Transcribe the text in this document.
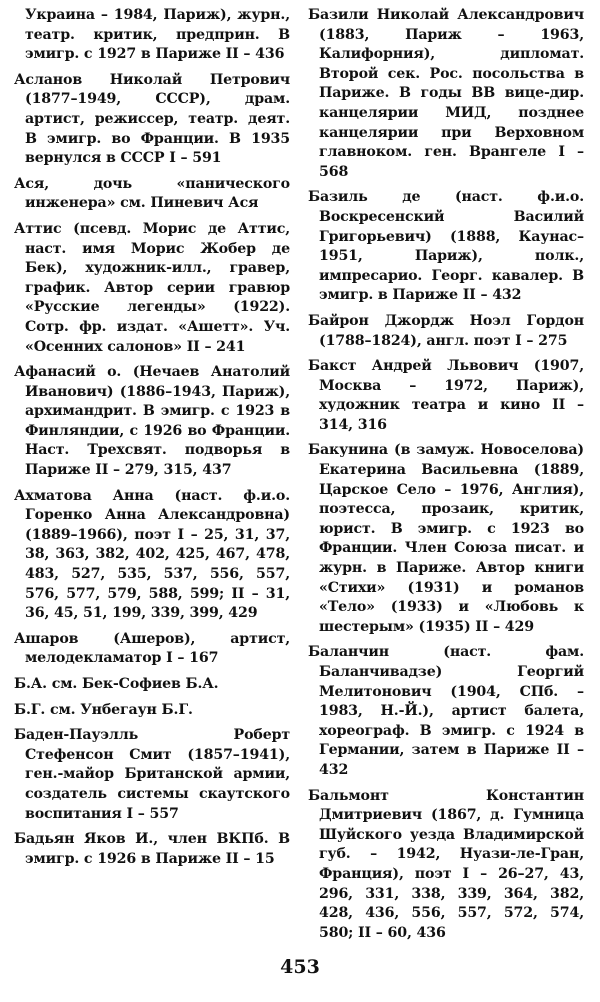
Украина – 1984, Париж), журн., театр. критик, предприн. В эмигр. с 1927 в Париже II – 436

Асланов Николай Петрович (1877–1949, СССР), драм. артист, режиссер, театр. деят. В эмигр. во Франции. В 1935 вернулся в СССР I – 591

Ася, дочь «панического инженера» см. Пиневич Ася

Аттис (псевд. Морис де Аттис, наст. имя Морис Жобер де Бек), художник-илл., гравер, график. Автор серии гравюр «Русские легенды» (1922). Сотр. фр. издат. «Ашетт». Уч. «Осенних салонов» II – 241

Афанасий о. (Нечаев Анатолий Иванович) (1886–1943, Париж), архимандрит. В эмигр. с 1923 в Финляндии, с 1926 во Франции. Наст. Трехсвят. подворья в Париже II – 279, 315, 437

Ахматова Анна (наст. ф.и.о. Горенко Анна Александровна) (1889–1966), поэт I – 25, 31, 37, 38, 363, 382, 402, 425, 467, 478, 483, 527, 535, 537, 556, 557, 576, 577, 579, 588, 599; II – 31, 36, 45, 51, 199, 339, 399, 429

Ашаров (Ашеров), артист, мелодекламатор I – 167

Б.А. см. Бек-Софиев Б.А.

Б.Г. см. Унбегаун Б.Г.

Баден-Пауэлль Роберт Стефенсон Смит (1857–1941), ген.-майор Британской армии, создатель системы скаутского воспитания I – 557

Бадьян Яков И., член ВКПб. В эмигр. с 1926 в Париже II – 15

Базили Николай Александрович (1883, Париж – 1963, Калифорния), дипломат. Второй сек. Рос. посольства в Париже. В годы ВВ вице-дир. канцелярии МИД, позднее канцелярии при Верховном главноком. ген. Врангеле I – 568

Базиль де (наст. ф.и.о. Воскресенский Василий Григорьевич) (1888, Каунас–1951, Париж), полк., импресарио. Георг. кавалер. В эмигр. в Париже II – 432

Байрон Джордж Ноэл Гордон (1788–1824), англ. поэт I – 275

Бакст Андрей Львович (1907, Москва – 1972, Париж), художник театра и кино II – 314, 316

Бакунина (в замуж. Новоселова) Екатерина Васильевна (1889, Царское Село – 1976, Англия), поэтесса, прозаик, критик, юрист. В эмигр. с 1923 во Франции. Член Союза писат. и журн. в Париже. Автор книги «Стихи» (1931) и романов «Тело» (1933) и «Любовь к шестерым» (1935) II – 429

Баланчин (наст. фам. Баланчивадзе) Георгий Мелитонович (1904, СПб. – 1983, Н.-Й.), артист балета, хореограф. В эмигр. с 1924 в Германии, затем в Париже II – 432

Бальмонт Константин Дмитриевич (1867, д. Гумница Шуйского уезда Владимирской губ. – 1942, Нуази-ле-Гран, Франция), поэт I – 26–27, 43, 296, 331, 338, 339, 364, 382, 428, 436, 556, 557, 572, 574, 580; II – 60, 436

453
